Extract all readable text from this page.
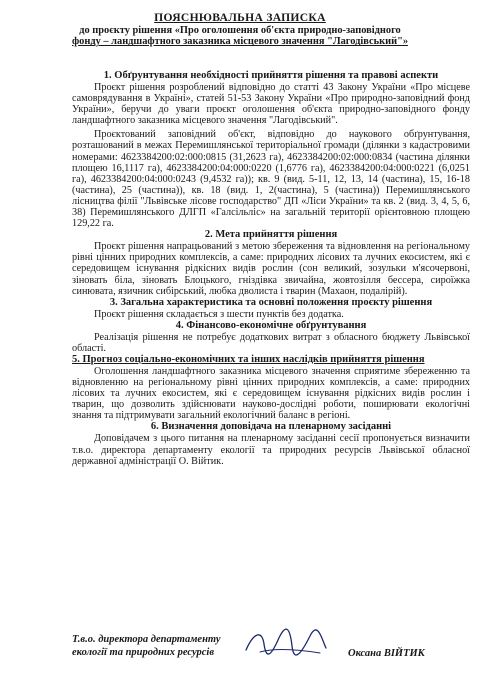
ПОЯСНЮВАЛЬНА ЗАПИСКА
до проєкту рішення «Про оголошення об'єкта природно-заповідного
фонду – ландшафтного заказника місцевого значення "Лагодівський"»
1. Обґрунтування необхідності прийняття рішення та правові аспекти

Проєкт рішення розроблений відповідно до статті 43 Закону України «Про місцеве самоврядування в Україні», статей 51-53 Закону України «Про природно-заповідний фонд України», беручи до уваги проєкт оголошення об'єкта природно-заповідного фонду ландшафтного заказника місцевого значення "Лагодівський".

Проєктований заповідний об'єкт, відповідно до наукового обґрунтування, розташований в межах Перемишлянської територіальної громади (ділянки з кадастровими номерами: 4623384200:02:000:0815 (31,2623 га), 4623384200:02:000:0834 (частина ділянки площею 16,1117 га), 4623384200:04:000:0220 (1,6776 га), 4623384200:04:000:0221 (6,0251 га), 4623384200:04:000:0243 (9,4532 га)); кв. 9 (вид. 5-11, 12, 13, 14 (частина), 15, 16-18 (частина), 25 (частина)), кв. 18 (вид. 1, 2(частина), 5 (частина)) Перемишлянського лісництва філії "Львівське лісове господарство" ДП «Ліси України» та кв. 2 (вид. 3, 4, 5, 6, 38) Перемишлянського ДЛГП «Галсільліс» на загальній території орієнтовною площею 129,22 га.

2. Мета прийняття рішення

Проєкт рішення напрацьований з метою збереження та відновлення на регіональному рівні цінних природних комплексів, а саме: природних лісових та лучних екосистем, які є середовищем існування рідкісних видів рослин (сон великий, зозульки м'ясочервоні, зіновать біла, зіновать Блоцького, гніздівка звичайна, жовтозілля бессера, сироїжка синювата, язичник сибірський, любка дволиста і тварин (Махаон, подалірій).

3. Загальна характеристика та основні положення проєкту рішення

Проєкт рішення складається з шести пунктів без додатка.

4. Фінансово-економічне обґрунтування

Реалізація рішення не потребує додаткових витрат з обласного бюджету Львівської області.

5. Прогноз соціально-економічних та інших наслідків прийняття рішення

Оголошення ландшафтного заказника місцевого значення сприятиме збереженню та відновленню на регіональному рівні цінних природних комплексів, а саме: природних лісових та лучних екосистем, які є середовищем існування рідкісних видів рослин і тварин, що дозволить здійснювати науково-дослідні роботи, поширювати екологічні знання та підтримувати загальний екологічний баланс в регіоні.

6. Визначення доповідача на пленарному засіданні

Доповідачем з цього питання на пленарному засіданні сесії пропонується визначити т.в.о. директора департаменту екології та природних ресурсів Львівської обласної державної адміністрації О. Війтик.

Т.в.о. директора департаменту
екології та природних ресурсів	Оксана ВІЙТИК
